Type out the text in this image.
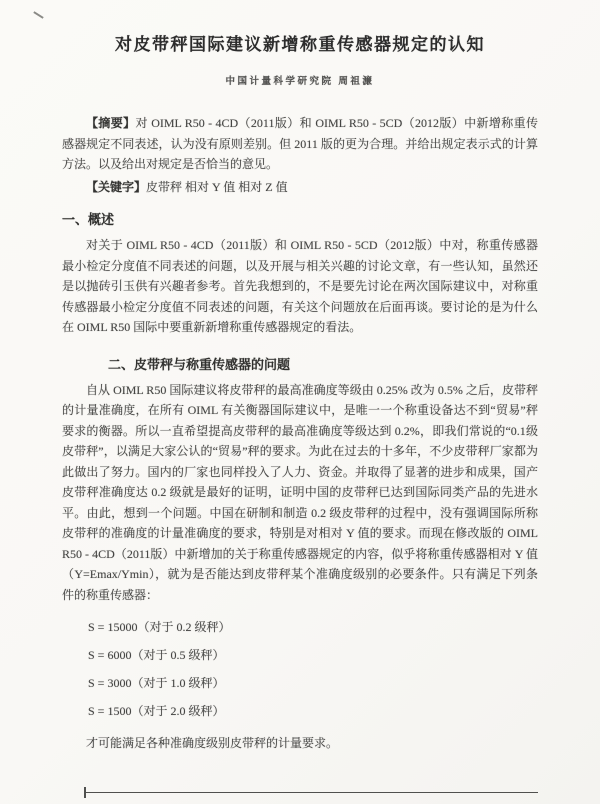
对皮带秤国际建议新增称重传感器规定的认知
中国计量科学研究院 周祖濂

【摘要】对 OIML R50 - 4CD（2011版）和 OIML R50 - 5CD（2012版）中新增称重传感器规定不同表述，认为没有原则差别。但 2011 版的更为合理。并给出规定表示式的计算方法。以及给出对规定是否恰当的意见。

【关键字】皮带秤 相对 Y 值 相对 Z 值

一、概述

对关于 OIML R50 - 4CD（2011版）和 OIML R50 - 5CD（2012版）中对，称重传感器最小检定分度值不同表述的问题，以及开展与相关兴趣的讨论文章，有一些认知，虽然还是以抛砖引玉供有兴趣者参考。首先我想到的，不是要先讨论在两次国际建议中，对称重传感器最小检定分度值不同表述的问题，有关这个问题放在后面再谈。要讨论的是为什么在 OIML R50 国际中要重新新增称重传感器规定的看法。

二、皮带秤与称重传感器的问题

自从 OIML R50 国际建议将皮带秤的最高准确度等级由 0.25% 改为 0.5% 之后，皮带秤的计量准确度，在所有 OIML 有关衡器国际建议中，是唯一一个称重设备达不到“贸易”秤要求的衡器。所以一直希望提高皮带秤的最高准确度等级达到 0.2%，即我们常说的“0.1级皮带秤”，以满足大家公认的“贸易”秤的要求。为此在过去的十多年，不少皮带秤厂家都为此做出了努力。国内的厂家也同样投入了人力、资金。并取得了显著的进步和成果，国产皮带秤准确度达 0.2 级就是最好的证明，证明中国的皮带秤已达到国际同类产品的先进水平。由此，想到一个问题。中国在研制和制造 0.2 级皮带秤的过程中，没有强调国际所称皮带秤的准确度的计量准确度的要求，特别是对相对 Y 值的要求。而现在修改版的 OIML R50 - 4CD（2011版）中新增加的关于称重传感器规定的内容，似乎将称重传感器相对 Y 值（Y=Emax/Ymin），就为是否能达到皮带秤某个准确度级别的必要条件。只有满足下列条件的称重传感器：

S = 15000（对于 0.2 级秤）
S = 6000（对于 0.5 级秤）
S = 3000（对于 1.0 级秤）
S = 1500（对于 2.0 级秤）

才可能满足各种准确度级别皮带秤的计量要求。
